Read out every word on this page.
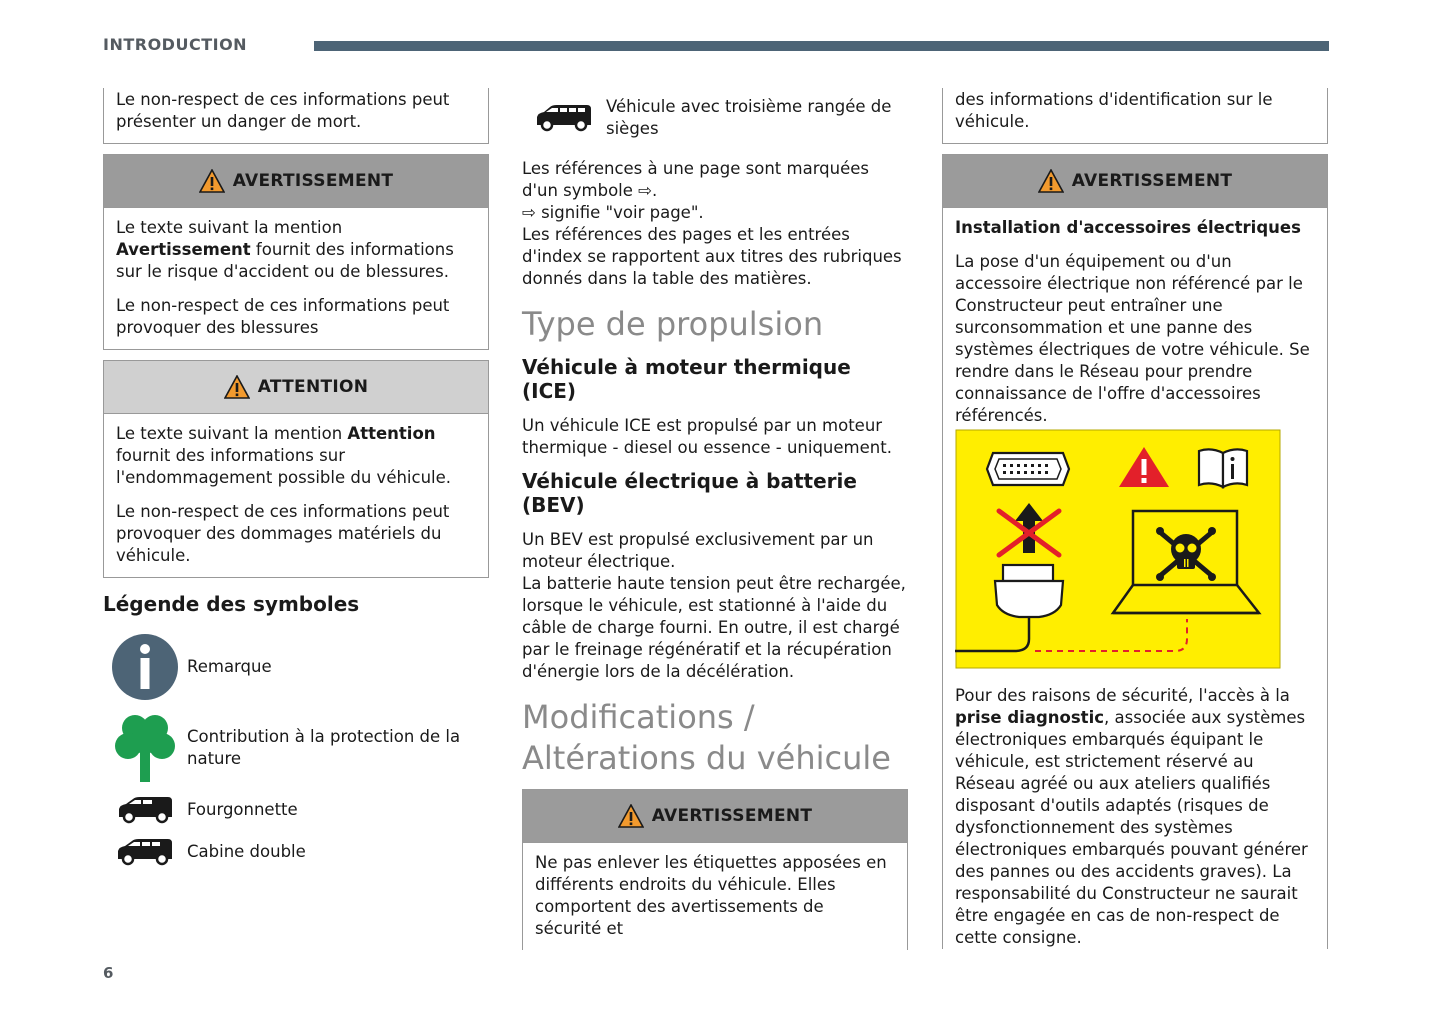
INTRODUCTION

Le non-respect de ces informations peut présenter un danger de mort.

AVERTISSEMENT

Le texte suivant la mention Avertissement fournit des informations sur le risque d'accident ou de blessures.

Le non-respect de ces informations peut provoquer des blessures

ATTENTION

Le texte suivant la mention Attention fournit des informations sur l'endommagement possible du véhicule.

Le non-respect de ces informations peut provoquer des dommages matériels du véhicule.

Légende des symboles
Remarque
Contribution à la protection de la nature
Fourgonnette
Cabine double
Véhicule avec troisième rangée de sièges

Les références à une page sont marquées d'un symbole ⇨.

⇨ signifie "voir page".

Les références des pages et les entrées d'index se rapportent aux titres des rubriques donnés dans la table des matières.

Type de propulsion
Véhicule à moteur thermique (ICE)

Un véhicule ICE est propulsé par un moteur thermique - diesel ou essence - uniquement.

Véhicule électrique à batterie (BEV)

Un BEV est propulsé exclusivement par un moteur électrique.

La batterie haute tension peut être rechargée, lorsque le véhicule, est stationné à l'aide du câble de charge fourni. En outre, il est chargé par le freinage régénératif et la récupération d'énergie lors de la décélération.

Modifications / Altérations du véhicule
AVERTISSEMENT

Ne pas enlever les étiquettes apposées en différents endroits du véhicule. Elles comportent des avertissements de sécurité et

des informations d'identification sur le véhicule.

AVERTISSEMENT

Installation d'accessoires électriques

La pose d'un équipement ou d'un accessoire électrique non référencé par le Constructeur peut entraîner une surconsommation et une panne des systèmes électriques de votre véhicule. Se rendre dans le Réseau pour prendre connaissance de l'offre d'accessoires référencés.

Pour des raisons de sécurité, l'accès à la prise diagnostic, associée aux systèmes électroniques embarqués équipant le véhicule, est strictement réservé au Réseau agréé ou aux ateliers qualifiés disposant d'outils adaptés (risques de dysfonctionnement des systèmes électroniques embarqués pouvant générer des pannes ou des accidents graves). La responsabilité du Constructeur ne saurait être engagée en cas de non-respect de cette consigne.

6
